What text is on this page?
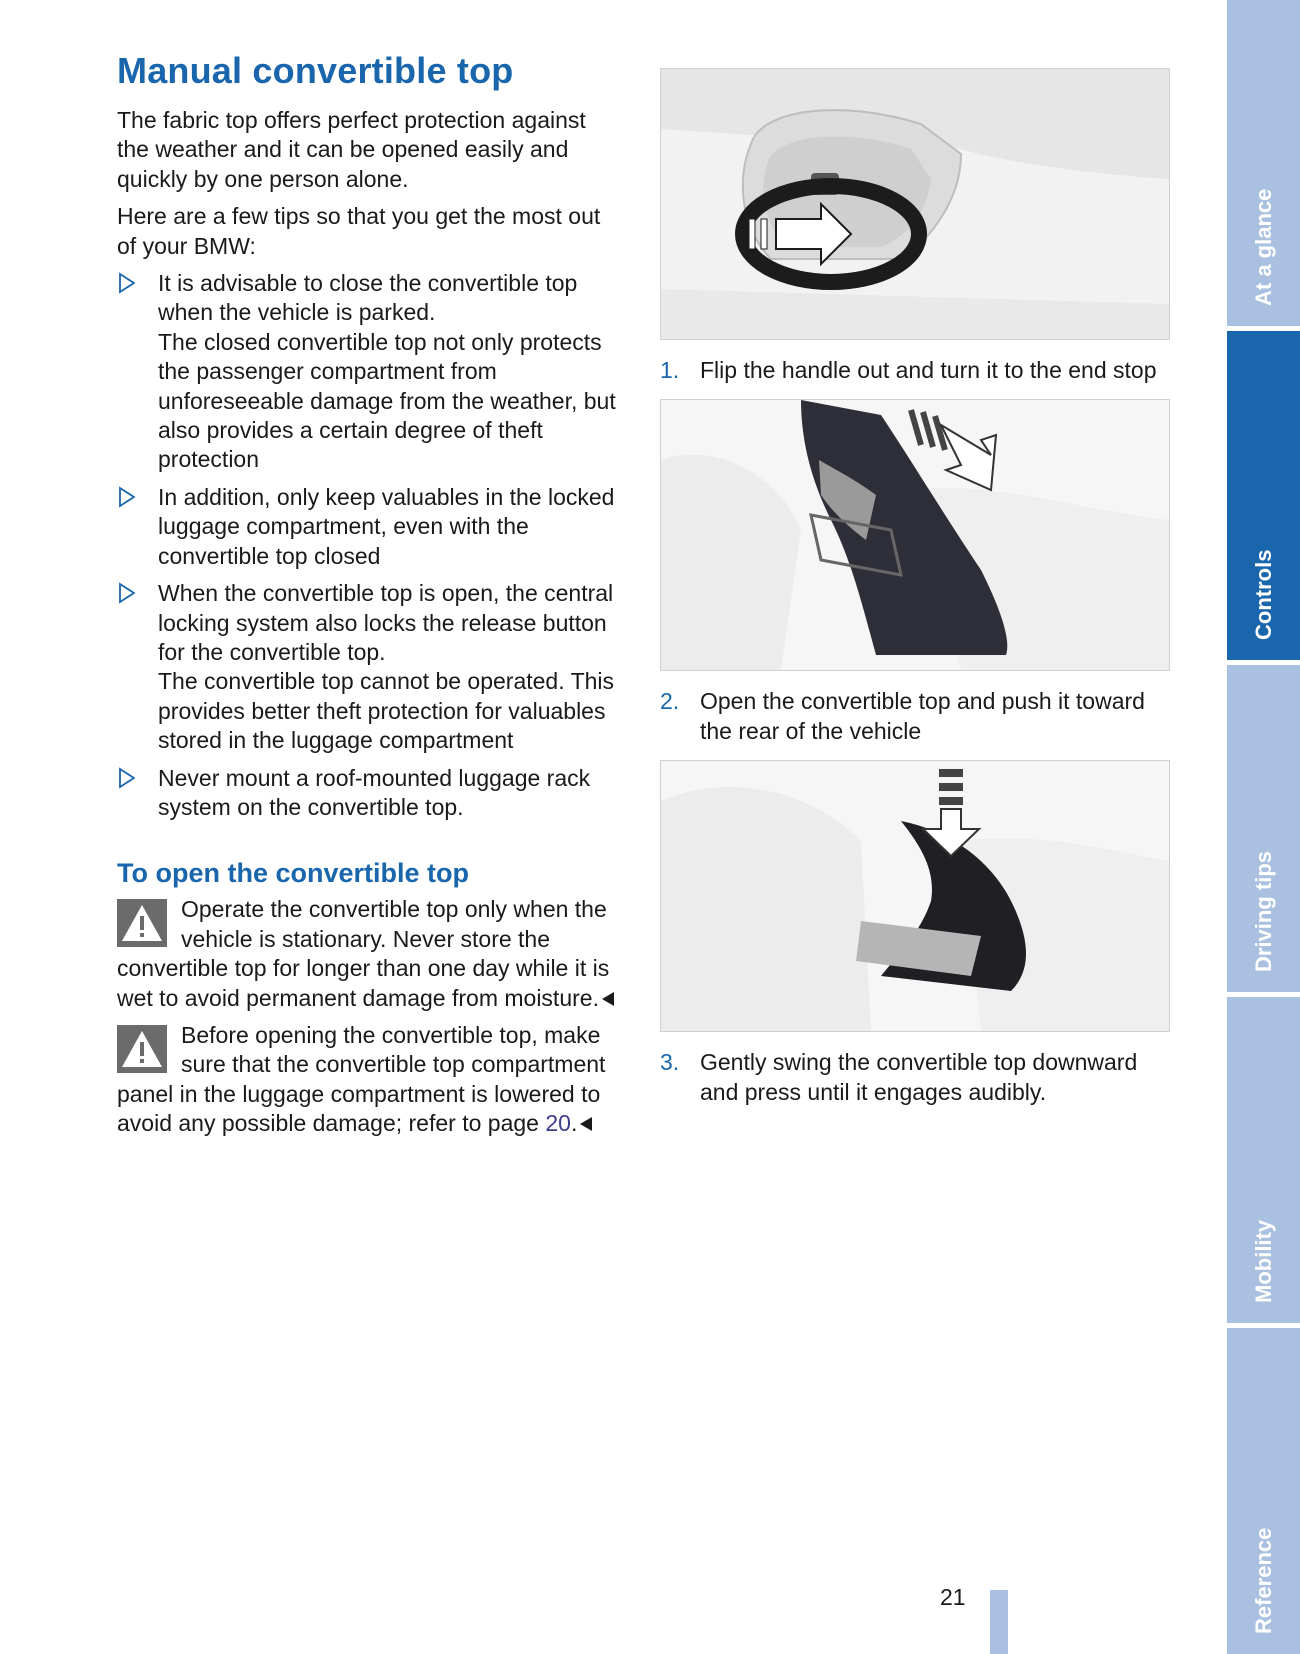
Manual convertible top

The fabric top offers perfect protection against the weather and it can be opened easily and quickly by one person alone.

Here are a few tips so that you get the most out of your BMW:

It is advisable to close the convertible top when the vehicle is parked.
The closed convertible top not only protects the passenger compartment from unforeseeable damage from the weather, but also provides a certain degree of theft protection
In addition, only keep valuables in the locked luggage compartment, even with the convertible top closed
When the convertible top is open, the central locking system also locks the release button for the convertible top.
The convertible top cannot be operated. This provides better theft protection for valuables stored in the luggage compartment
Never mount a roof-mounted luggage rack system on the convertible top.
To open the convertible top
Operate the convertible top only when the vehicle is stationary. Never store the convertible top for longer than one day while it is wet to avoid permanent damage from moisture.
Before opening the convertible top, make sure that the convertible top compartment panel in the luggage compartment is lowered to avoid any possible damage; refer to page 20.
1. Flip the handle out and turn it to the end stop
2. Open the convertible top and push it toward the rear of the vehicle
3. Gently swing the convertible top downward and press until it engages audibly.
At a glance
Controls
Driving tips
Mobility
Reference
21
